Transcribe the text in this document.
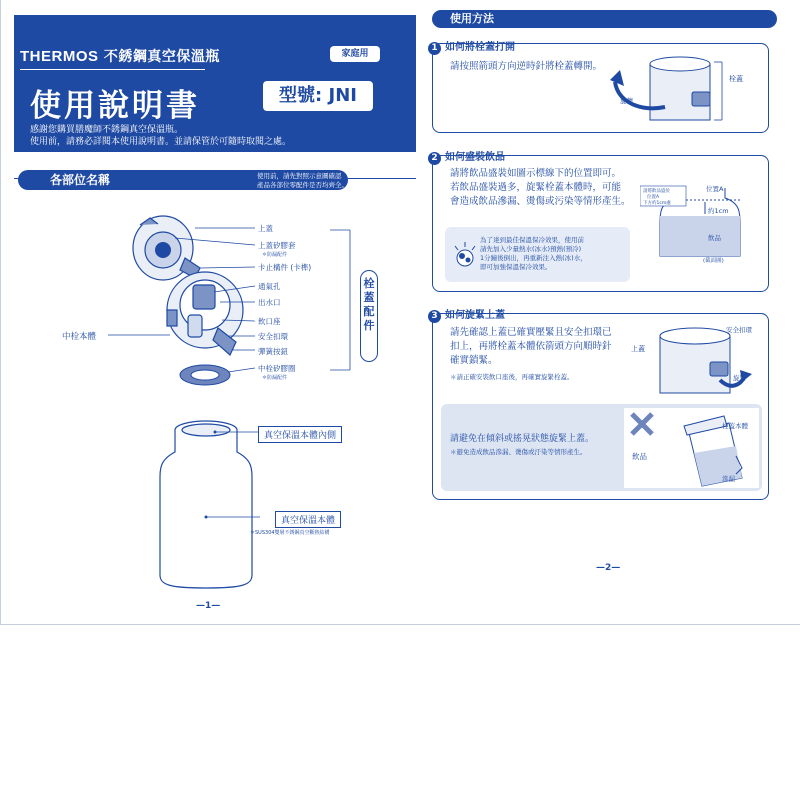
THERMOS 不銹鋼真空保溫瓶	家庭用
使用說明書	型號: JNI
感謝您購買膳魔師不銹鋼真空保溫瓶。
使用前，請務必詳閱本使用說明書。並請保管於可隨時取閱之處。
各部位名稱	使用前，請先對照示意圖確認
產品各部位零配件是否均齊全。
上蓋
上蓋矽膠套
＊防漏配件
卡止構件 (卡榫)
通氣孔
出水口
飲口座
安全扣環
彈簧按鈕
中栓矽膠圈
＊防漏配件
中栓本體
栓蓋配件
真空保溫本體內側
真空保溫本體
＊SUS304雙層不銹鋼真空斷熱結構
—1—
使用方法
1 如何將栓蓋打開
請按照箭頭方向逆時針將栓蓋轉開。
栓蓋
旋轉
2 如何盛裝飲品
請將飲品盛裝如圖示標線下的位置即可。
若飲品盛裝過多，旋緊栓蓋本體時，可能
會造成飲品滲漏、燙傷或污染等情形產生。
為了達到最佳保溫保冷效果，使用前
請先加入少量熱水(冰水)預熱(預冷)
1分鐘後倒出，再重新注入熱(冰)水，
即可加強保溫保冷效果。
請將飲品盛於
位置A
下方約1cm處
位置A
約1cm
飲品
(截面圖)
3 如何旋緊上蓋
請先確認上蓋已確實壓緊且安全扣環已
扣上，再將栓蓋本體依箭頭方向順時針
確實鎖緊。
＊請正確安裝飲口座後，再確實旋緊栓蓋。
上蓋
安全扣環
旋緊
請避免在傾斜或搖晃狀態旋緊上蓋。
＊避免造成飲品滲漏、燙傷或汙染等情形產生。
栓蓋本體
飲品
滲漏
—2—
